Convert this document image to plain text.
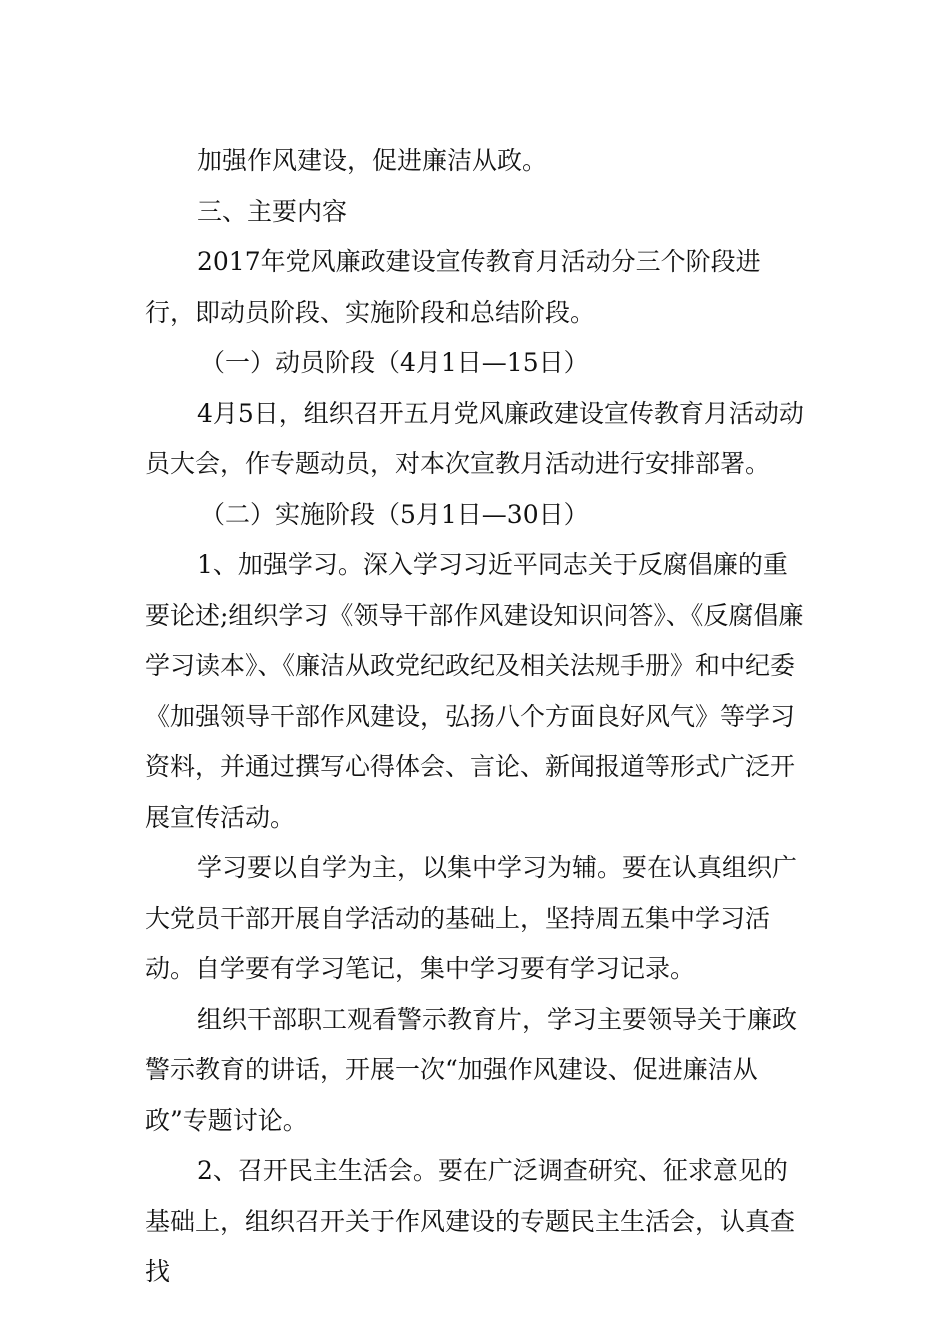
加强作风建设，促进廉洁从政。

三、主要内容

2017年党风廉政建设宣传教育月活动分三个阶段进行，即动员阶段、实施阶段和总结阶段。

（一）动员阶段（4月1日—15日）

4月5日，组织召开五月党风廉政建设宣传教育月活动动员大会，作专题动员，对本次宣教月活动进行安排部署。

（二）实施阶段（5月1日—30日）

1、加强学习。深入学习习近平同志关于反腐倡廉的重要论述;组织学习《领导干部作风建设知识问答》、《反腐倡廉学习读本》、《廉洁从政党纪政纪及相关法规手册》和中纪委《加强领导干部作风建设，弘扬八个方面良好风气》等学习资料，并通过撰写心得体会、言论、新闻报道等形式广泛开展宣传活动。

学习要以自学为主，以集中学习为辅。要在认真组织广大党员干部开展自学活动的基础上，坚持周五集中学习活动。自学要有学习笔记，集中学习要有学习记录。

组织干部职工观看警示教育片，学习主要领导关于廉政警示教育的讲话，开展一次“加强作风建设、促进廉洁从政”专题讨论。

2、召开民主生活会。要在广泛调查研究、征求意见的基础上，组织召开关于作风建设的专题民主生活会，认真查找
